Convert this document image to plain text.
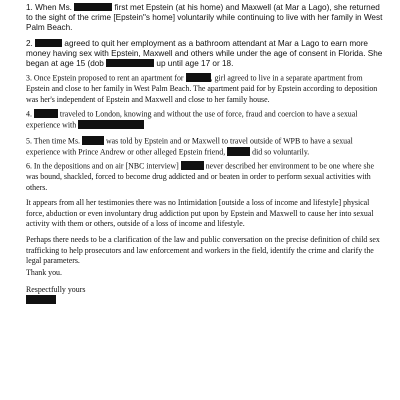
1. When Ms.	first met Epstein (at his home) and Maxwell (at Mar a Lago), she returned to the sight of the crime [Epstein"s home] voluntarily while continuing to live with her family in West Palm Beach.

2.	agreed to quit her employment as a bathroom attendant at Mar a Lago to earn more money having sex with Epstein, Maxwell and others while under the age of consent in Florida. She began at age 15 (dob	up until age 17 or 18.

3. Once Epstein proposed to rent an apartment for	, girl agreed to live in a separate apartment from Epstein and close to her family in West Palm Beach. The apartment paid for by Epstein according to deposition was her's independent of Epstein and Maxwell and close to her family house.

4.	traveled to London, knowing and without the use of force, fraud and coercion to have a sexual experience with

5. Then time Ms.	was told by Epstein and or Maxwell to travel outside of WPB to have a sexual experience with Prince Andrew or other alleged Epstein friend,	did so voluntarily.

6. In the depositions and on air [NBC interview]	never described her environment to be one where she was bound, shackled, forced to become drug addicted and or beaten in order to perform sexual activities with others.

It appears from all her testimonies there was no Intimidation [outside a loss of income and lifestyle] physical force, abduction or even involuntary drug addiction put upon by Epstein and Maxwell to cause her into sexual activity with them or others, outside of a loss of income and lifestyle.

Perhaps there needs to be a clarification of the law and public conversation on the precise definition of child sex trafficking to help prosecutors and law enforcement and workers in the field, identify the crime and clarify the legal parameters.

Thank you.

Respectfully yours
